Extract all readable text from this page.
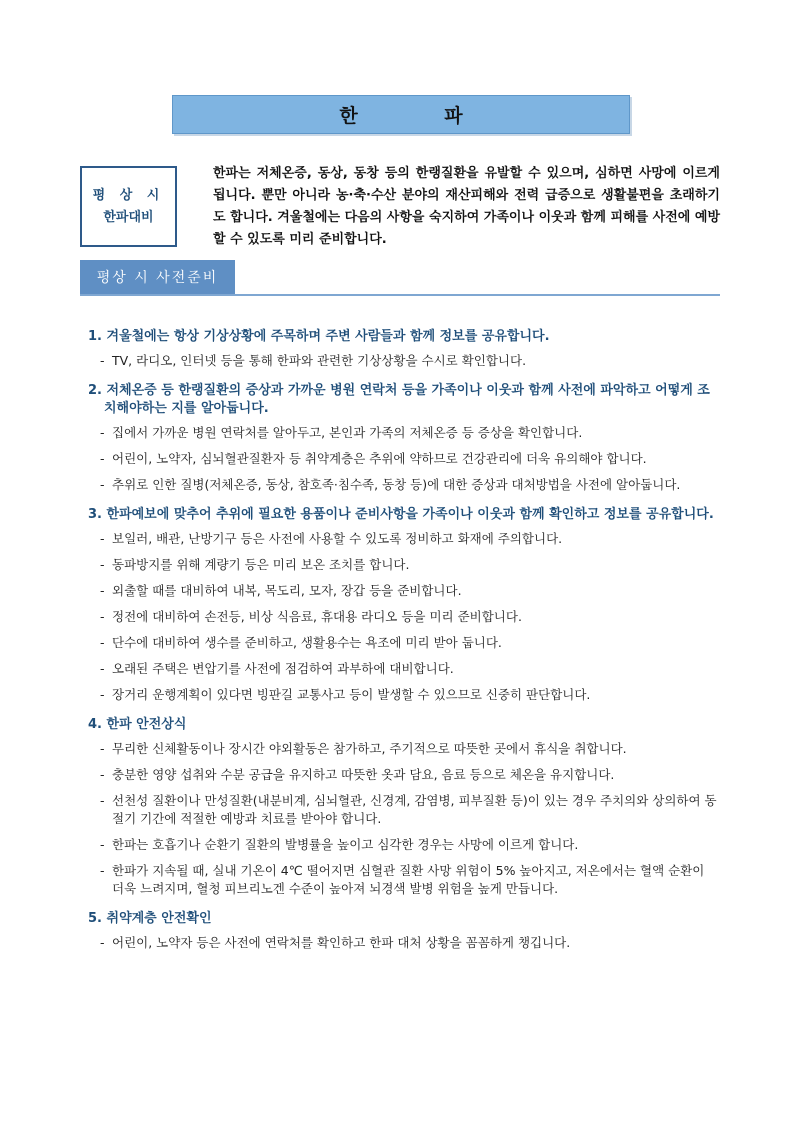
한 파
평 상 시
한파대비
한파는 저체온증, 동상, 동창 등의 한랭질환을 유발할 수 있으며, 심하면 사망에 이르게 됩니다. 뿐만 아니라 농·축·수산 분야의 재산피해와 전력 급증으로 생활불편을 초래하기도 합니다. 겨울철에는 다음의 사항을 숙지하여 가족이나 이웃과 함께 피해를 사전에 예방할 수 있도록 미리 준비합니다.
평상 시 사전준비
1. 겨울철에는 항상 기상상황에 주목하며 주변 사람들과 함께 정보를 공유합니다.
- TV, 라디오, 인터넷 등을 통해 한파와 관련한 기상상황을 수시로 확인합니다.
2. 저체온증 등 한랭질환의 증상과 가까운 병원 연락처 등을 가족이나 이웃과 함께 사전에 파악하고 어떻게 조치해야하는 지를 알아둡니다.
- 집에서 가까운 병원 연락처를 알아두고, 본인과 가족의 저체온증 등 증상을 확인합니다.
- 어린이, 노약자, 심뇌혈관질환자 등 취약계층은 추위에 약하므로 건강관리에 더욱 유의해야 합니다.
- 추위로 인한 질병(저체온증, 동상, 참호족·침수족, 동창 등)에 대한 증상과 대처방법을 사전에 알아둡니다.
3. 한파예보에 맞추어 추위에 필요한 용품이나 준비사항을 가족이나 이웃과 함께 확인하고 정보를 공유합니다.
- 보일러, 배관, 난방기구 등은 사전에 사용할 수 있도록 정비하고 화재에 주의합니다.
- 동파방지를 위해 계량기 등은 미리 보온 조치를 합니다.
- 외출할 때를 대비하여 내복, 목도리, 모자, 장갑 등을 준비합니다.
- 정전에 대비하여 손전등, 비상 식음료, 휴대용 라디오 등을 미리 준비합니다.
- 단수에 대비하여 생수를 준비하고, 생활용수는 욕조에 미리 받아 둡니다.
- 오래된 주택은 변압기를 사전에 점검하여 과부하에 대비합니다.
- 장거리 운행계획이 있다면 빙판길 교통사고 등이 발생할 수 있으므로 신중히 판단합니다.
4. 한파 안전상식
- 무리한 신체활동이나 장시간 야외활동은 참가하고, 주기적으로 따뜻한 곳에서 휴식을 취합니다.
- 충분한 영양 섭취와 수분 공급을 유지하고 따뜻한 옷과 담요, 음료 등으로 체온을 유지합니다.
- 선천성 질환이나 만성질환(내분비계, 심뇌혈관, 신경계, 감염병, 피부질환 등)이 있는 경우 주치의와 상의하여 동절기 기간에 적절한 예방과 치료를 받아야 합니다.
- 한파는 호흡기나 순환기 질환의 발병률을 높이고 심각한 경우는 사망에 이르게 합니다.
- 한파가 지속될 때, 실내 기온이 4℃ 떨어지면 심혈관 질환 사망 위험이 5% 높아지고, 저온에서는 혈액 순환이 더욱 느려지며, 혈청 피브리노겐 수준이 높아져 뇌경색 발병 위험을 높게 만듭니다.
5. 취약계층 안전확인
- 어린이, 노약자 등은 사전에 연락처를 확인하고 한파 대처 상황을 꼼꼼하게 챙깁니다.
